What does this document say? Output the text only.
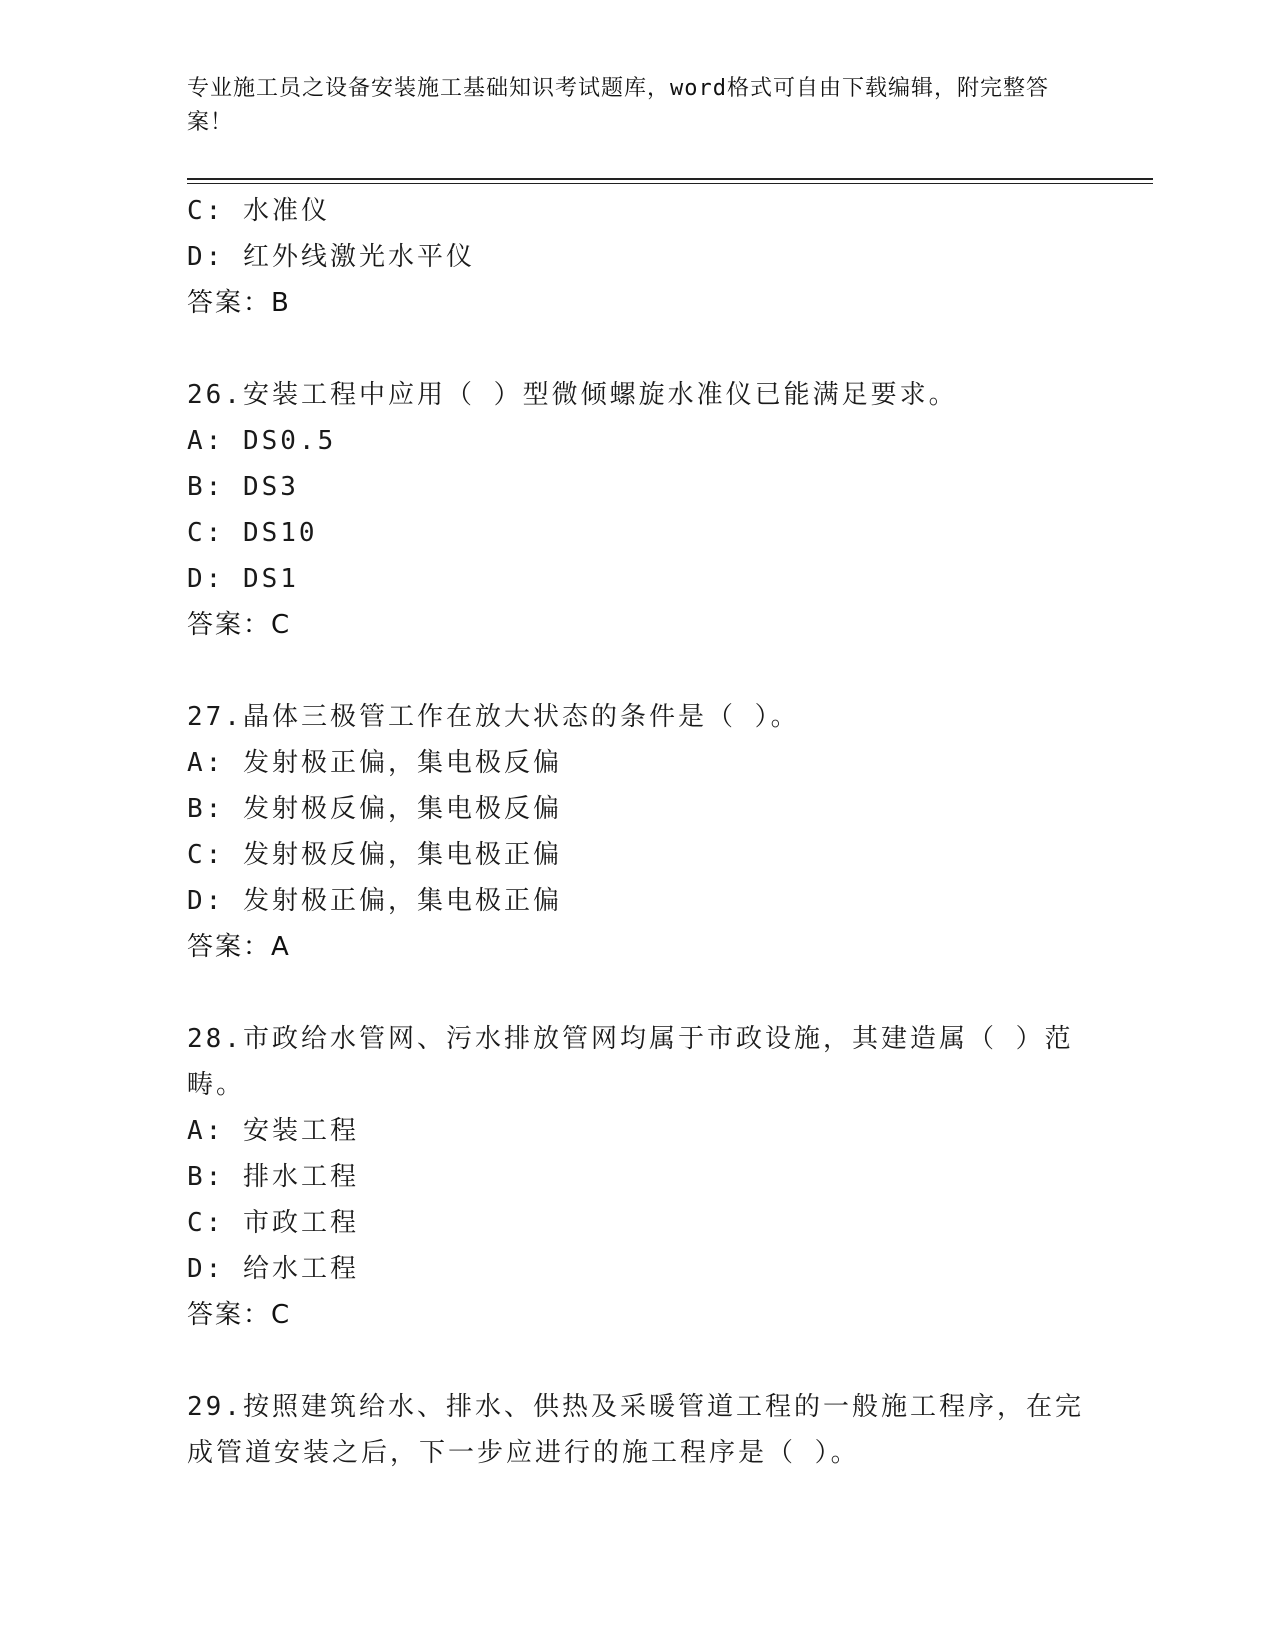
专业施工员之设备安装施工基础知识考试题库，word格式可自由下载编辑，附完整答案！
C: 水准仪
D: 红外线激光水平仪
答案：B
26.安装工程中应用（ ）型微倾螺旋水准仪已能满足要求。
A: DS0.5
B: DS3
C: DS10
D: DS1
答案：C
27.晶体三极管工作在放大状态的条件是（ ）。
A: 发射极正偏，集电极反偏
B: 发射极反偏，集电极反偏
C: 发射极反偏，集电极正偏
D: 发射极正偏，集电极正偏
答案：A
28.市政给水管网、污水排放管网均属于市政设施，其建造属（ ）范
畴。
A: 安装工程
B: 排水工程
C: 市政工程
D: 给水工程
答案：C
29.按照建筑给水、排水、供热及采暖管道工程的一般施工程序，在完
成管道安装之后，下一步应进行的施工程序是（ ）。
